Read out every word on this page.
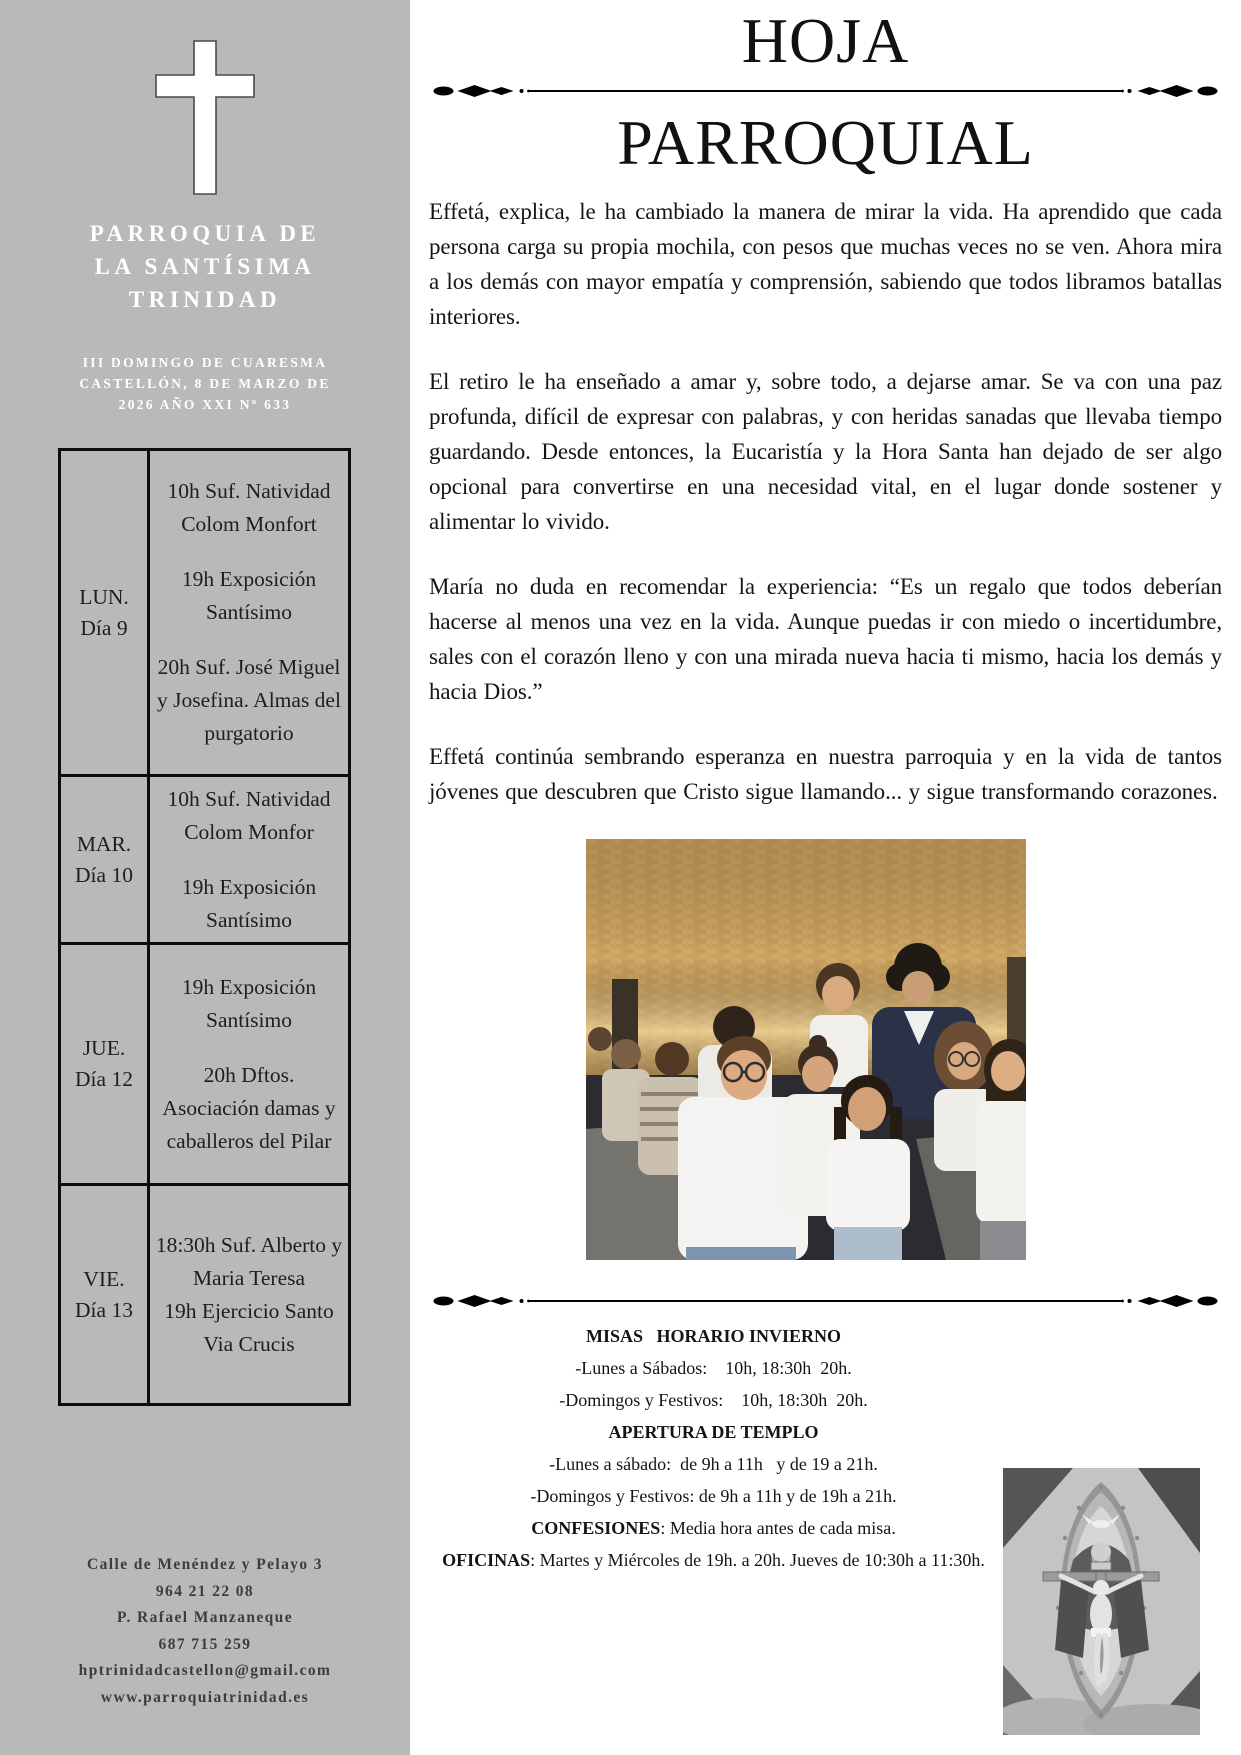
PARROQUIA DE
LA SANTÍSIMA
TRINIDAD
III DOMINGO DE CUARESMA
CASTELLÓN, 8 DE MARZO DE
2026 AÑO XXI Nº 633
LUN.
Día 9
10h Suf. Natividad Colom Monfort
19h Exposición Santísimo
20h Suf. José Miguel y Josefina. Almas del purgatorio
MAR.
Día 10
10h Suf. Natividad Colom Monfor
19h Exposición Santísimo
JUE.
Día 12
19h Exposición Santísimo
20h Dftos. Asociación damas y caballeros del Pilar
VIE.
Día 13
18:30h Suf. Alberto y Maria Teresa
19h Ejercicio Santo Via Crucis
Calle de Menéndez y Pelayo 3
964 21 22 08
P. Rafael Manzaneque
687 715 259
hptrinidadcastellon@gmail.com
www.parroquiatrinidad.es
HOJA
PARROQUIAL

Effetá, explica, le ha cambiado la manera de mirar la vida. Ha aprendido que cada persona carga su propia mochila, con pesos que muchas veces no se ven. Ahora mira a los demás con mayor empatía y comprensión, sabiendo que todos libramos batallas interiores.

El retiro le ha enseñado a amar y, sobre todo, a dejarse amar. Se va con una paz profunda, difícil de expresar con palabras, y con heridas sanadas que llevaba tiempo guardando. Desde entonces, la Eucaristía y la Hora Santa han dejado de ser algo opcional para convertirse en una necesidad vital, en el lugar donde sostener y alimentar lo vivido.

María no duda en recomendar la experiencia: “Es un regalo que todos deberían hacerse al menos una vez en la vida. Aunque puedas ir con miedo o incertidumbre, sales con el corazón lleno y con una mirada nueva hacia ti mismo, hacia los demás y hacia Dios.”

Effetá continúa sembrando esperanza en nuestra parroquia y en la vida de tantos jóvenes que descubren que Cristo sigue llamando... y sigue transformando corazones.

MISAS   HORARIO INVIERNO
-Lunes a Sábados:    10h, 18:30h  20h.
-Domingos y Festivos:    10h, 18:30h  20h.
APERTURA DE TEMPLO
-Lunes a sábado:  de 9h a 11h   y de 19 a 21h.
-Domingos y Festivos: de 9h a 11h y de 19h a 21h.
CONFESIONES: Media hora antes de cada misa.
OFICINAS: Martes y Miércoles de 19h. a 20h. Jueves de 10:30h a 11:30h.
